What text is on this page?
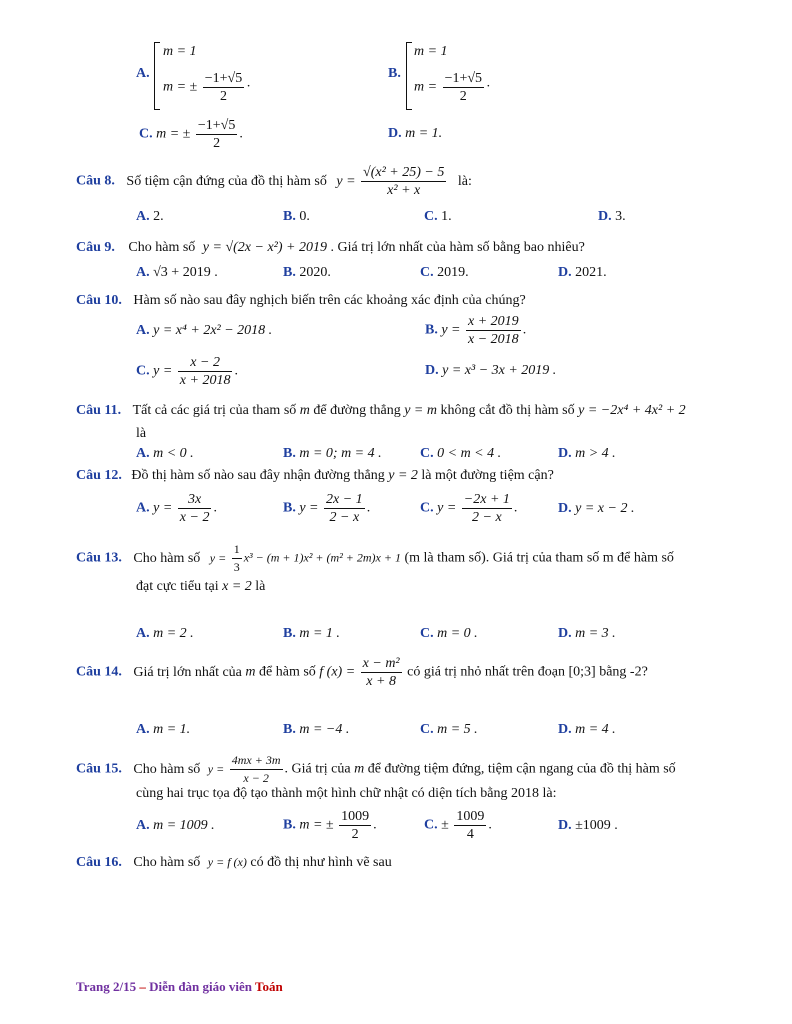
A.
m = 1
m = ± $\frac{-1+√5}{2}$ ·
B.
m = 1
$m = \frac{-1+√5}{2}$ ·
C. m = ± $\frac{-1+√5}{2}$ .	D. m = 1.
Câu 8. Số tiệm cận đứng của đồ thị hàm số $y = \frac{\text{√(x² + 25) − 5}}{\text{x² + x}}$ là:
A. 2.	B. 0.	C. 1.	D. 3.
Câu 9. Cho hàm số y = √(2x − x²) + 2019 . Giá trị lớn nhất của hàm số bằng bao nhiêu?
A. √3 + 2019 .	B. 2020.	C. 2019.	D. 2021.
Câu 10. Hàm số nào sau đây nghịch biến trên các khoảng xác định của chúng?
A. y = x⁴ + 2x² − 2018 .	B. $y = \frac{x + 2019}{x - 2018}$ .
C. $y = \frac{x - 2}{x + 2018}$ .	D. y = x³ − 3x + 2019 .
Câu 11. Tất cả các giá trị của tham số m để đường thẳng y = m không cắt đồ thị hàm số y = −2x⁴ + 4x² + 2
là
A. m < 0 .	B. m = 0; m = 4 .	C. 0 < m < 4 .	D. m > 4 .
Câu 12. Đồ thị hàm số nào sau đây nhận đường thẳng y = 2 là một đường tiệm cận?
A. $y = \frac{3x}{x - 2}$ .	B. $y = \frac{2x - 1}{2 - x}$ .	C. $y = \frac{-2x + 1}{2 - x}$ .	D. y = x − 2 .
Câu 13. Cho hàm số $y = \frac{1}{3} x^3 - (m + 1)x^2 + (m^2 + 2m)x + 1$ (m là tham số). Giá trị của tham số m để hàm số
đạt cực tiểu tại x = 2 là
A. m = 2 .	B. m = 1 .	C. m = 0 .	D. m = 3 .
Câu 14. Giá trị lớn nhất của m để hàm số f $(x) = \frac{\text{x − m²}}{x + 8}$ có giá trị nhỏ nhất trên đoạn [0;3] bằng -2?
A. m = 1.	B. m = −4 .	C. m = 5 .	D. m = 4 .
Câu 15. Cho hàm số $y = \frac{4mx + 3m}{x - 2}$ . Giá trị của m để đường tiệm đứng, tiệm cận ngang của đồ thị hàm số
cùng hai trục tọa độ tạo thành một hình chữ nhật có diện tích bằng 2018 là:
A. m = 1009 .	B. m = ± $\frac{1009}{2}$ .	C. ± $\frac{1009}{4}$ .	D. ±1009 .
Câu 16. Cho hàm số y = f (x) có đồ thị như hình vẽ sau
Trang 2/15 – Diễn đàn giáo viên Toán
